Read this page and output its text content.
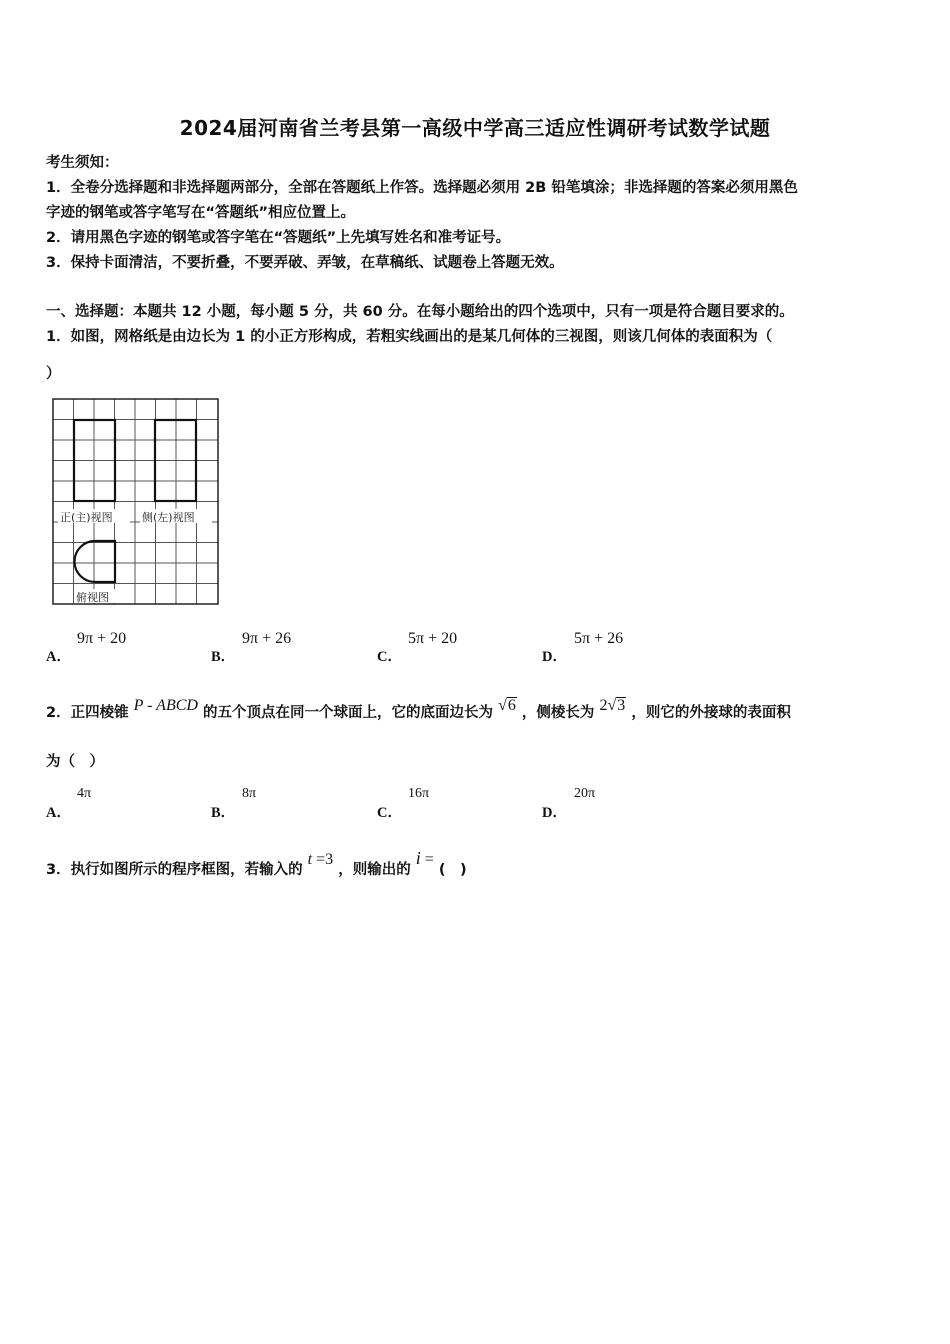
2024届河南省兰考县第一高级中学高三适应性调研考试数学试题
考生须知：
1．全卷分选择题和非选择题两部分，全部在答题纸上作答。选择题必须用 2B 铅笔填涂；非选择题的答案必须用黑色
字迹的钢笔或答字笔写在“答题纸”相应位置上。
2．请用黑色字迹的钢笔或答字笔在“答题纸”上先填写姓名和准考证号。
3．保持卡面清洁，不要折叠，不要弄破、弄皱，在草稿纸、试题卷上答题无效。
一、选择题：本题共 12 小题，每小题 5 分，共 60 分。在每小题给出的四个选项中，只有一项是符合题目要求的。
1．如图，网格纸是由边长为 1 的小正方形构成，若粗实线画出的是某几何体的三视图，则该几何体的表面积为（
）
正(主)视图	侧(左)视图
俯视图
A．
9π + 20
B．
9π + 26
C．
5π + 20
D．
5π + 26
2．正四棱锥 P - ABCD 的五个顶点在同一个球面上，它的底面边长为 √6 ，侧棱长为 2√3 ，则它的外接球的表面积
为（　）
A．
4π
B．
8π
C．
16π
D．
20π
3．执行如图所示的程序框图，若输入的 t =3 ，则输出的 i = (　)
